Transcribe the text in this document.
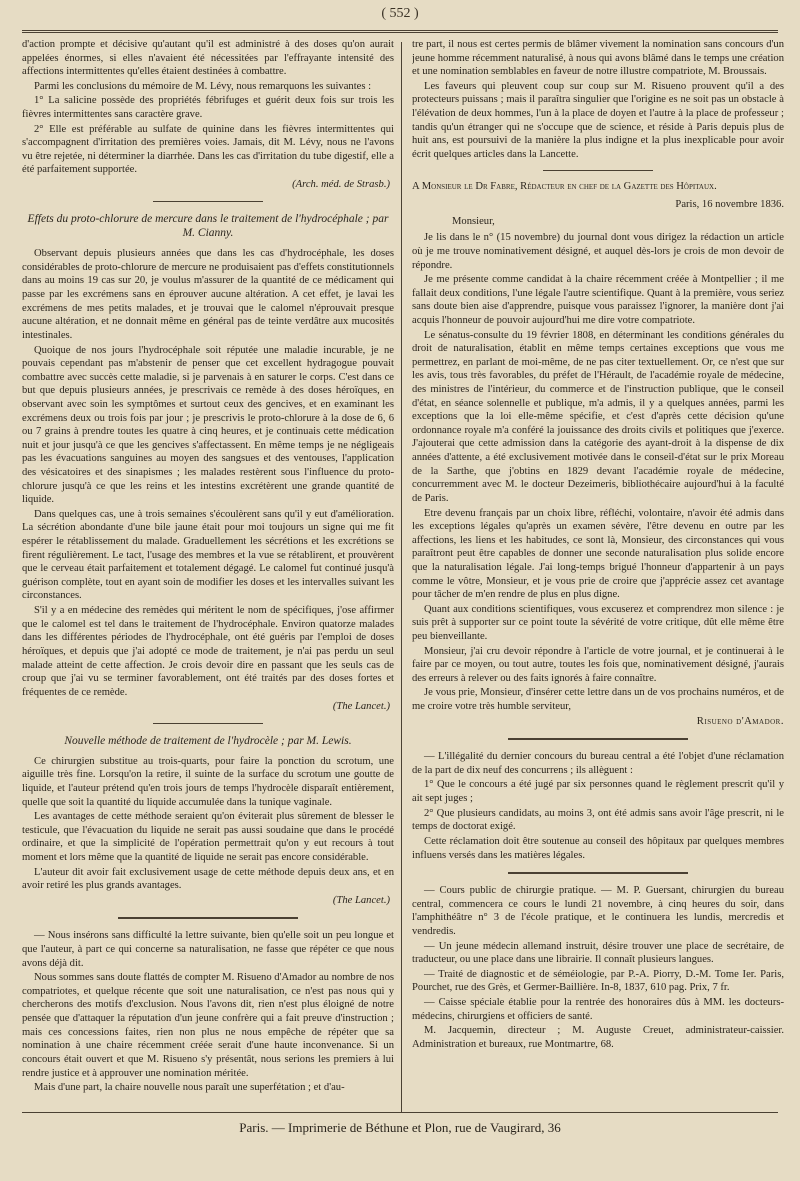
( 552 )

d'action prompte et décisive qu'autant qu'il est administré à des doses qu'on aurait appelées énormes, si elles n'avaient été nécessitées par l'effrayante intensité des affections intermittentes qu'elles étaient destinées à combattre.

Parmi les conclusions du mémoire de M. Lévy, nous remarquons les suivantes :

1° La salicine possède des propriétés fébrifuges et guérit deux fois sur trois les fièvres intermittentes sans caractère grave.

2° Elle est préférable au sulfate de quinine dans les fièvres intermittentes qui s'accompagnent d'irritation des premières voies. Jamais, dit M. Lévy, nous ne l'avons vu être rejetée, ni déterminer la diarrhée. Dans les cas d'irritation du tube digestif, elle a été parfaitement supportée.

(Arch. méd. de Strasb.)

Effets du proto-chlorure de mercure dans le traitement de l'hydrocéphale ; par M. Cianny.

Observant depuis plusieurs années que dans les cas d'hydrocéphale, les doses considérables de proto-chlorure de mercure ne produisaient pas d'effets constitutionnels dans au moins 19 cas sur 20, je voulus m'assurer de la quantité de ce médicament qui passe par les excrémens sans en éprouver aucune altération. A cet effet, je lavai les excrémens de mes petits malades, et je trouvai que le calomel n'éprouvait presque aucune altération, et ne donnait même en général pas de teinte verdâtre aux mucosités intestinales.

Quoique de nos jours l'hydrocéphale soit réputée une maladie incurable, je ne pouvais cependant pas m'abstenir de penser que cet excellent hydragogue pouvait combattre avec succès cette maladie, si je parvenais à en saturer le corps. C'est dans ce but que depuis plusieurs années, je prescrivais ce remède à des doses héroïques, en observant avec soin les symptômes et surtout ceux des gencives, et en examinant les excrémens deux ou trois fois par jour ; je prescrivis le proto-chlorure à la dose de 6, 6 ou 7 grains à prendre toutes les quatre à cinq heures, et je continuais cette médication nuit et jour jusqu'à ce que les gencives s'affectassent. En même temps je ne négligeais pas les évacuations sanguines au moyen des sangsues et des ventouses, l'application des vésicatoires et des sinapismes ; les malades restèrent sous l'influence du proto-chlorure jusqu'à ce que les reins et les intestins excrétèrent une grande quantité de liquide.

Dans quelques cas, une à trois semaines s'écoulèrent sans qu'il y eut d'amélioration. La sécrétion abondante d'une bile jaune était pour moi toujours un signe qui me fit espérer le rétablissement du malade. Graduellement les sécrétions et les excrétions se firent régulièrement. Le tact, l'usage des membres et la vue se rétablirent, et prouvèrent que le cerveau était parfaitement et totalement dégagé. Le calomel fut continué jusqu'à guérison complète, tout en ayant soin de modifier les doses et les intervalles suivant les circonstances.

S'il y a en médecine des remèdes qui méritent le nom de spécifiques, j'ose affirmer que le calomel est tel dans le traitement de l'hydrocéphale. Environ quatorze malades dans les différentes périodes de l'hydrocéphale, ont été guéris par l'emploi de doses héroïques, et depuis que j'ai adopté ce mode de traitement, je n'ai pas perdu un seul malade atteint de cette affection. Je crois devoir dire en passant que les seuls cas de croup que j'ai vu se terminer favorablement, ont été traités par des doses fortes et fréquentes de ce remède.

(The Lancet.)

Nouvelle méthode de traitement de l'hydrocèle ; par M. Lewis.

Ce chirurgien substitue au trois-quarts, pour faire la ponction du scrotum, une aiguille très fine. Lorsqu'on la retire, il suinte de la surface du scrotum une goutte de liquide, et l'auteur prétend qu'en trois jours de temps l'hydrocèle disparaît entièrement, quelle que soit la quantité du liquide accumulée dans la tunique vaginale.

Les avantages de cette méthode seraient qu'on éviterait plus sûrement de blesser le testicule, que l'évacuation du liquide ne serait pas aussi soudaine que dans le procédé ordinaire, et que la simplicité de l'opération permettrait qu'on y eut recours à tout moment et lors même que la quantité de liquide ne serait pas encore considérable.

L'auteur dit avoir fait exclusivement usage de cette méthode depuis deux ans, et en avoir retiré les plus grands avantages.

(The Lancet.)

— Nous insérons sans difficulté la lettre suivante, bien qu'elle soit un peu longue et que l'auteur, à part ce qui concerne sa naturalisation, ne fasse que répéter ce que nous avons déjà dit.

Nous sommes sans doute flattés de compter M. Risueno d'Amador au nombre de nos compatriotes, et quelque récente que soit une naturalisation, ce n'est pas nous qui y chercherons des motifs d'exclusion. Nous l'avons dit, rien n'est plus éloigné de notre pensée que d'attaquer la réputation d'un jeune confrère qui a fait preuve d'instruction ; mais ces concessions faites, rien non plus ne nous empêche de répéter que sa nomination à une chaire récemment créée serait d'une haute inconvenance. Si un concours était ouvert et que M. Risueno s'y présentât, nous serions les premiers à lui rendre justice et à approuver une nomination méritée.

Mais d'une part, la chaire nouvelle nous paraît une superfétation ; et d'au-

tre part, il nous est certes permis de blâmer vivement la nomination sans concours d'un jeune homme récemment naturalisé, à nous qui avons blâmé dans le temps une création et une nomination semblables en faveur de notre illustre compatriote, M. Broussais.

Les faveurs qui pleuvent coup sur coup sur M. Risueno prouvent qu'il a des protecteurs puissans ; mais il paraîtra singulier que l'origine es ne soit pas un obstacle à l'élévation de deux hommes, l'un à la place de doyen et l'autre à la place de professeur ; tandis qu'un étranger qui ne s'occupe que de science, et réside à Paris depuis plus de huit ans, est poursuivi de la manière la plus indigne et la plus inexplicable pour avoir écrit quelques articles dans la Lancette.

A Monsieur le Dr Fabre, Rédacteur en chef de la Gazette des Hôpitaux.

Paris, 16 novembre 1836.

Monsieur,

Je lis dans le n° (15 novembre) du journal dont vous dirigez la rédaction un article où je me trouve nominativement désigné, et auquel dès-lors je crois de mon devoir de répondre.

Je me présente comme candidat à la chaire récemment créée à Montpellier ; il me fallait deux conditions, l'une légale l'autre scientifique. Quant à la première, vous seriez sans doute bien aise d'apprendre, puisque vous paraissez l'ignorer, la manière dont j'ai acquis l'honneur de pouvoir aujourd'hui me dire votre compatriote.

Le sénatus-consulte du 19 février 1808, en déterminant les conditions générales du droit de naturalisation, établit en même temps certaines exceptions que vous me permettrez, en parlant de moi-même, de ne pas citer textuellement. Or, ce n'est que sur les avis, tous très favorables, du préfet de l'Hérault, de l'académie royale de médecine, des ministres de l'intérieur, du commerce et de l'instruction publique, que le conseil d'état, en séance solennelle et publique, m'a admis, il y a quelques années, parmi les exceptions que la loi elle-même spécifie, et c'est d'après cette décision qu'une ordonnance royale m'a conféré la jouissance des droits civils et politiques que j'exerce. J'ajouterai que cette admission dans la catégorie des ayant-droit à la dispense de dix années d'attente, a été exclusivement motivée dans le conseil-d'état sur le prix Moreau de la Sarthe, que j'obtins en 1829 devant l'académie royale de médecine, concurremment avec M. le docteur Dezeimeris, bibliothécaire aujourd'hui à la faculté de Paris.

Etre devenu français par un choix libre, réfléchi, volontaire, n'avoir été admis dans les exceptions légales qu'après un examen sévère, l'être devenu en outre par les affections, les liens et les habitudes, ce sont là, Monsieur, des circonstances qui vous paraîtront peut être capables de donner une seconde naturalisation plus solide encore que la naturalisation légale. J'ai long-temps brigué l'honneur d'appartenir à un pays comme le vôtre, Monsieur, et je vous prie de croire que j'apprécie assez cet avantage pour tâcher de m'en rendre de plus en plus digne.

Quant aux conditions scientifiques, vous excuserez et comprendrez mon silence : je suis prêt à supporter sur ce point toute la sévérité de votre critique, dût elle même être peu bienveillante.

Monsieur, j'ai cru devoir répondre à l'article de votre journal, et je continuerai à le faire par ce moyen, ou tout autre, toutes les fois que, nominativement désigné, j'aurais des erreurs à relever ou des faits ignorés à faire connaître.

Je vous prie, Monsieur, d'insérer cette lettre dans un de vos prochains numéros, et de me croire votre très humble serviteur,

Risueno d'Amador.

— L'illégalité du dernier concours du bureau central a été l'objet d'une réclamation de la part de dix neuf des concurrens ; ils allèguent :

1° Que le concours a été jugé par six personnes quand le règlement prescrit qu'il y ait sept juges ;

2° Que plusieurs candidats, au moins 3, ont été admis sans avoir l'âge prescrit, ni le temps de doctorat exigé.

Cette réclamation doit être soutenue au conseil des hôpitaux par quelques membres influens versés dans les matières légales.

— Cours public de chirurgie pratique. — M. P. Guersant, chirurgien du bureau central, commencera ce cours le lundi 21 novembre, à cinq heures du soir, dans l'amphithéâtre n° 3 de l'école pratique, et le continuera les lundis, mercredis et vendredis.

— Un jeune médecin allemand instruit, désire trouver une place de secrétaire, de traducteur, ou une place dans une librairie. Il connaît plusieurs langues.

— Traité de diagnostic et de séméiologie, par P.-A. Piorry, D.-M. Tome Ier. Paris, Pourchet, rue des Grès, et Germer-Baillière. In-8, 1837, 610 pag. Prix, 7 fr.

— Caisse spéciale établie pour la rentrée des honoraires dûs à MM. les docteurs-médecins, chirurgiens et officiers de santé.

M. Jacquemin, directeur ; M. Auguste Creuet, administrateur-caissier. Administration et bureaux, rue Montmartre, 68.

Paris. — Imprimerie de Béthune et Plon, rue de Vaugirard, 36
